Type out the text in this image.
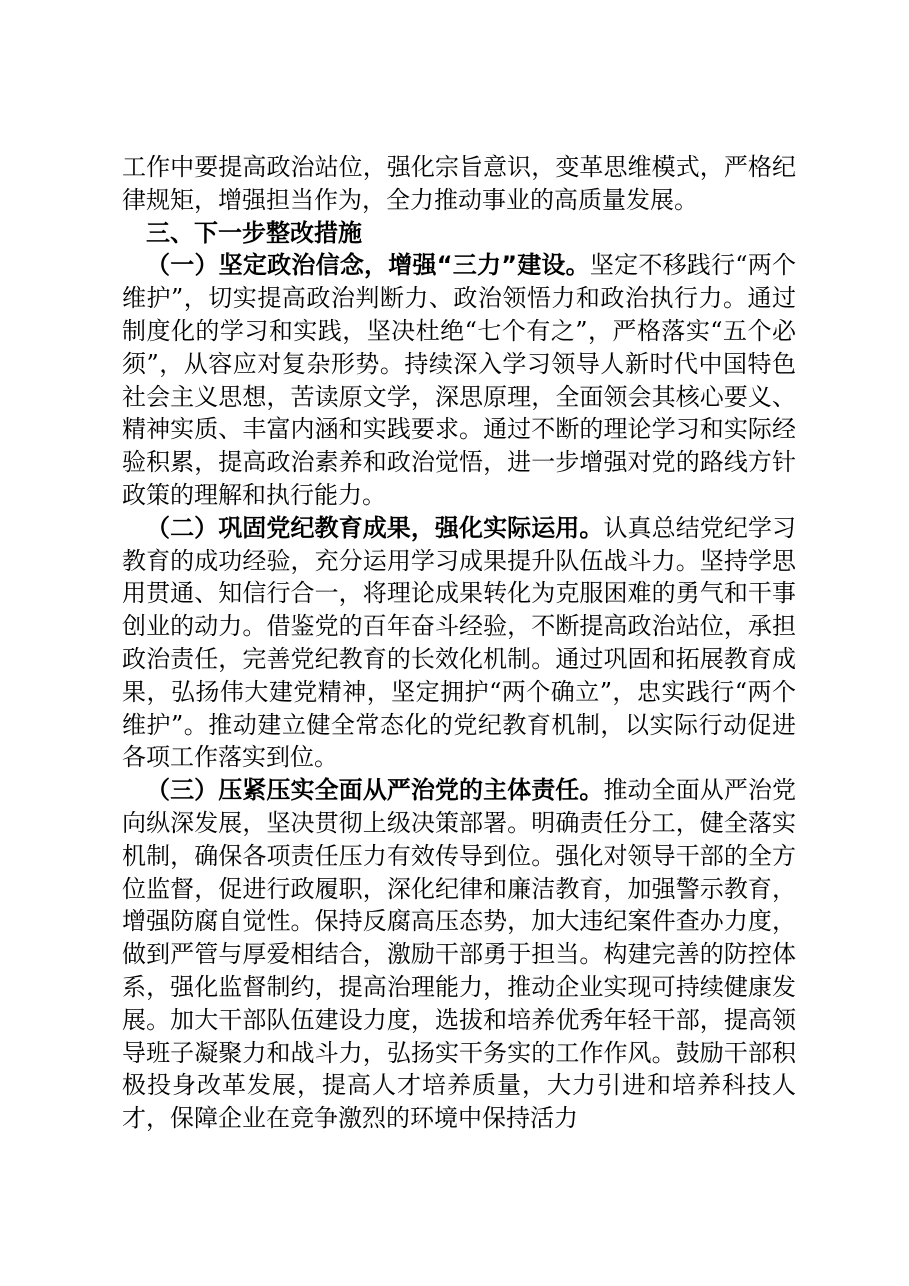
工作中要提高政治站位，强化宗旨意识，变革思维模式，严格纪律规矩，增强担当作为，全力推动事业的高质量发展。

三、下一步整改措施

（一）坚定政治信念，增强“三力”建设。坚定不移践行“两个维护”，切实提高政治判断力、政治领悟力和政治执行力。通过制度化的学习和实践，坚决杜绝“七个有之”，严格落实“五个必须”，从容应对复杂形势。持续深入学习领导人新时代中国特色社会主义思想，苦读原文学，深思原理，全面领会其核心要义、精神实质、丰富内涵和实践要求。通过不断的理论学习和实际经验积累，提高政治素养和政治觉悟，进一步增强对党的路线方针政策的理解和执行能力。

（二）巩固党纪教育成果，强化实际运用。认真总结党纪学习教育的成功经验，充分运用学习成果提升队伍战斗力。坚持学思用贯通、知信行合一，将理论成果转化为克服困难的勇气和干事创业的动力。借鉴党的百年奋斗经验，不断提高政治站位，承担政治责任，完善党纪教育的长效化机制。通过巩固和拓展教育成果，弘扬伟大建党精神，坚定拥护“两个确立”，忠实践行“两个维护”。推动建立健全常态化的党纪教育机制，以实际行动促进各项工作落实到位。

（三）压紧压实全面从严治党的主体责任。推动全面从严治党向纵深发展，坚决贯彻上级决策部署。明确责任分工，健全落实机制，确保各项责任压力有效传导到位。强化对领导干部的全方位监督，促进行政履职，深化纪律和廉洁教育，加强警示教育，增强防腐自觉性。保持反腐高压态势，加大违纪案件查办力度，做到严管与厚爱相结合，激励干部勇于担当。构建完善的防控体系，强化监督制约，提高治理能力，推动企业实现可持续健康发展。加大干部队伍建设力度，选拔和培养优秀年轻干部，提高领导班子凝聚力和战斗力，弘扬实干务实的工作作风。鼓励干部积极投身改革发展，提高人才培养质量，大力引进和培养科技人才，保障企业在竞争激烈的环境中保持活力
